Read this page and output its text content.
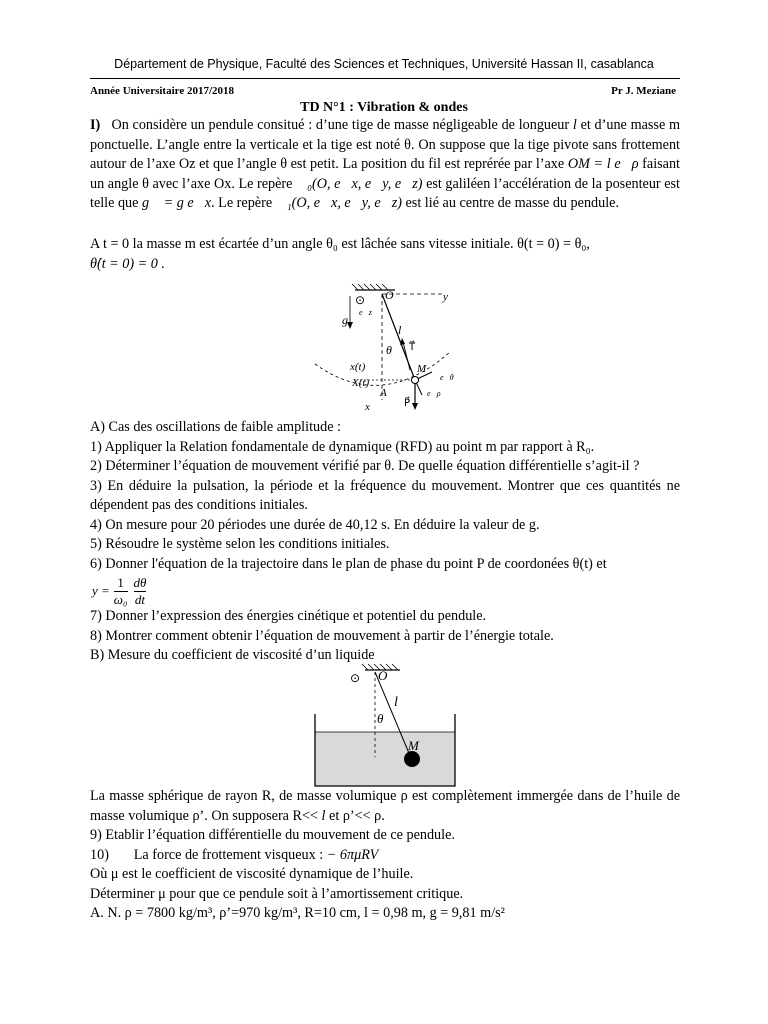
Département de Physique, Faculté des Sciences et Techniques, Université Hassan II, casablanca
Année Universitaire 2017/2018	Pr J. Meziane
TD N°1 : Vibration & ondes
I) On considère un pendule consitué : d’une tige de masse négligeable de longueur l et d’une masse m ponctuelle. L’angle entre la verticale et la tige est noté θ. On suppose que la tige pivote sans frottement autour de l’axe Oz et que l’angle θ est petit. La position du fil est reprérée par l’axe OM = l e⃗ρ faisant un angle θ avec l’axe Ox. Le repère ℜ₀(O, e⃗x, e⃗y, e⃗z) est galiléen l’accélération de la posenteur est telle que g⃗ = g e⃗x. Le repère ℜ₁(O, e⃗x, e⃗y, e⃗z) est lié au centre de masse du pendule.
A t = 0 la masse m est écartée d’un angle θ₀ est lâchée sans vitesse initiale. θ(t = 0) = θ₀,
θ̇(t = 0) = 0 .
⊙ O	y
g
e⃗z
l
θ T⃗
x(t)
X(t)
A
x
M
P⃗
e⃗θ
e⃗ρ
A) Cas des oscillations de faible amplitude :
1) Appliquer la Relation fondamentale de dynamique (RFD) au point m par rapport à R₀.
2) Déterminer l’équation de mouvement vérifié par θ. De quelle équation différentielle s’agit-il ?
3) En déduire la pulsation, la période et la fréquence du mouvement. Montrer que ces quantités ne dépendent pas des conditions initiales.
4) On mesure pour 20 périodes une durée de 40,12 s. En déduire la valeur de g.
5) Résoudre le système selon les conditions initiales.
6) Donner l'équation de la trajectoire dans le plan de phase du point P de coordonées θ(t) et
y =
1
ω₀
dθ
dt
7) Donner l’expression des énergies cinétique et potentiel du pendule.
8) Montrer comment obtenir l’équation de mouvement à partir de l’énergie totale.
B) Mesure du coefficient de viscosité d’un liquide
⊙ O
l
θ
M
La masse sphérique de rayon R, de masse volumique ρ est complètement immergée dans de l’huile de masse volumique ρ’. On supposera R<< l et ρ’<< ρ.
9) Etablir l’équation différentielle du mouvement de ce pendule.
10) La force de frottement visqueux : − 6πμRV⃗
Où μ est le coefficient de viscosité dynamique de l’huile.
Déterminer μ pour que ce pendule soit à l’amortissement critique.
A. N. ρ = 7800 kg/m³, ρ’=970 kg/m³, R=10 cm, l = 0,98 m, g = 9,81 m/s²
